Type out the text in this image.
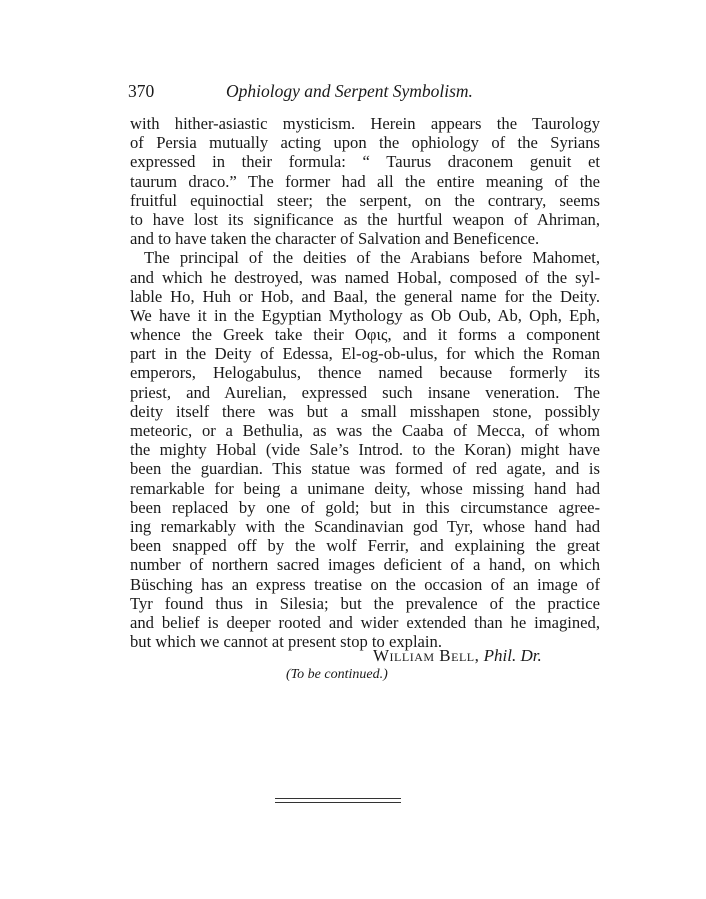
370	Ophiology and Serpent Symbolism.
with hither-asiastic mysticism. Herein appears the Taurology
of Persia mutually acting upon the ophiology of the Syrians
expressed in their formula: “ Taurus draconem genuit et
taurum draco.” The former had all the entire meaning of the
fruitful equinoctial steer; the serpent, on the contrary, seems
to have lost its significance as the hurtful weapon of Ahriman,
and to have taken the character of Salvation and Beneficence.
The principal of the deities of the Arabians before Mahomet,
and which he destroyed, was named Hobal, composed of the syl-
lable Ho, Huh or Hob, and Baal, the general name for the Deity.
We have it in the Egyptian Mythology as Ob Oub, Ab, Oph, Eph,
whence the Greek take their Οφις, and it forms a component
part in the Deity of Edessa, El-og-ob-ulus, for which the Roman
emperors, Helogabulus, thence named because formerly its
priest, and Aurelian, expressed such insane veneration. The
deity itself there was but a small misshapen stone, possibly
meteoric, or a Bethulia, as was the Caaba of Mecca, of whom
the mighty Hobal (vide Sale’s Introd. to the Koran) might have
been the guardian. This statue was formed of red agate, and is
remarkable for being a unimane deity, whose missing hand had
been replaced by one of gold; but in this circumstance agree-
ing remarkably with the Scandinavian god Tyr, whose hand had
been snapped off by the wolf Ferrir, and explaining the great
number of northern sacred images deficient of a hand, on which
Büsching has an express treatise on the occasion of an image of
Tyr found thus in Silesia; but the prevalence of the practice
and belief is deeper rooted and wider extended than he imagined,
but which we cannot at present stop to explain.
William Bell, Phil. Dr.
(To be continued.)
